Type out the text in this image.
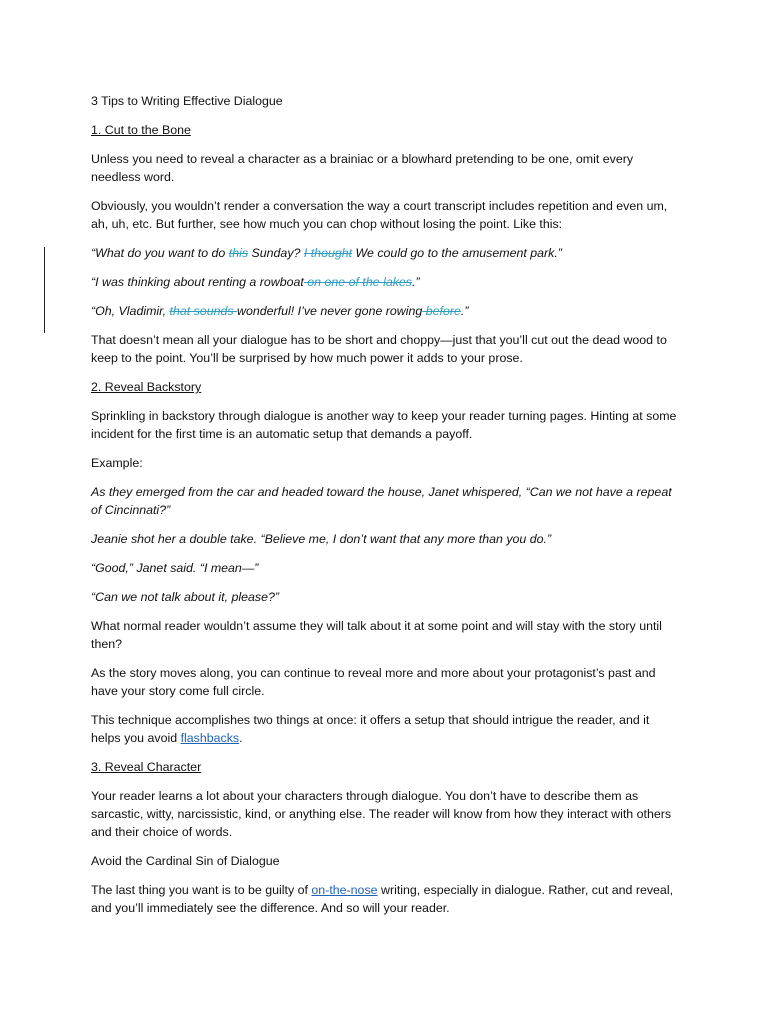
3 Tips to Writing Effective Dialogue

1. Cut to the Bone

Unless you need to reveal a character as a brainiac or a blowhard pretending to be one, omit every needless word.

Obviously, you wouldn’t render a conversation the way a court transcript includes repetition and even um, ah, uh, etc. But further, see how much you can chop without losing the point. Like this:

“What do you want to do this Sunday? I thought We could go to the amusement park.”

“I was thinking about renting a rowboat on one of the lakes.”

“Oh, Vladimir, that sounds wonderful! I’ve never gone rowing before.”

That doesn’t mean all your dialogue has to be short and choppy—just that you’ll cut out the dead wood to keep to the point. You’ll be surprised by how much power it adds to your prose.

2. Reveal Backstory

Sprinkling in backstory through dialogue is another way to keep your reader turning pages. Hinting at some incident for the first time is an automatic setup that demands a payoff.

Example:

As they emerged from the car and headed toward the house, Janet whispered, “Can we not have a repeat of Cincinnati?”

Jeanie shot her a double take. “Believe me, I don’t want that any more than you do.”

“Good,” Janet said. “I mean—”

“Can we not talk about it, please?”

What normal reader wouldn’t assume they will talk about it at some point and will stay with the story until then?

As the story moves along, you can continue to reveal more and more about your protagonist’s past and have your story come full circle.

This technique accomplishes two things at once: it offers a setup that should intrigue the reader, and it helps you avoid flashbacks.

3. Reveal Character

Your reader learns a lot about your characters through dialogue. You don’t have to describe them as sarcastic, witty, narcissistic, kind, or anything else. The reader will know from how they interact with others and their choice of words.

Avoid the Cardinal Sin of Dialogue

The last thing you want is to be guilty of on-the-nose writing, especially in dialogue. Rather, cut and reveal, and you’ll immediately see the difference. And so will your reader.
